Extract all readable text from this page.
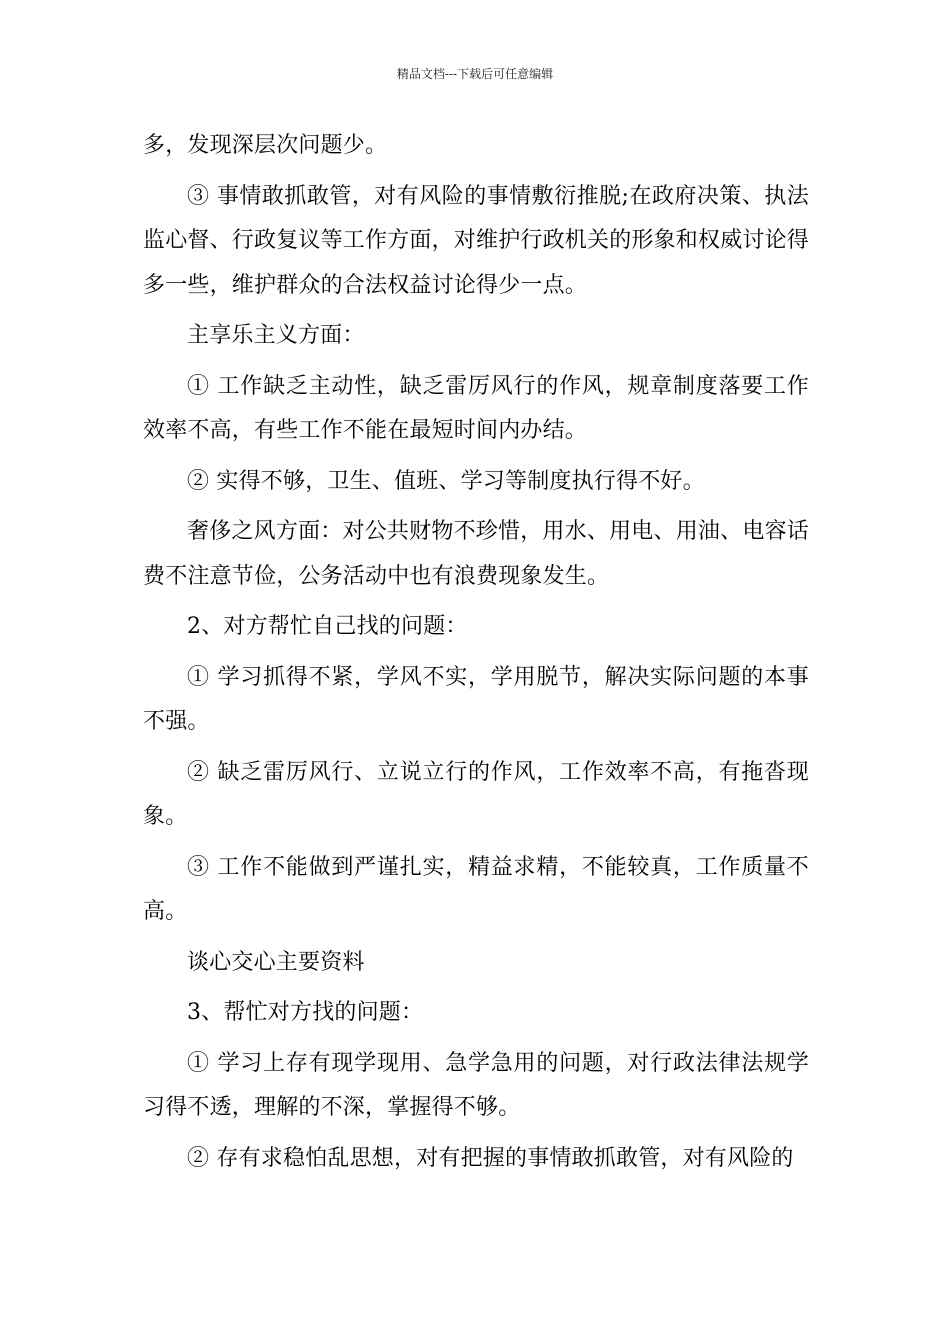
精品文档---下载后可任意编辑

多，发现深层次问题少。

③ 事情敢抓敢管，对有风险的事情敷衍推脱;在政府决策、执法监心督、行政复议等工作方面，对维护行政机关的形象和权威讨论得多一些，维护群众的合法权益讨论得少一点。

主享乐主义方面：

① 工作缺乏主动性，缺乏雷厉风行的作风，规章制度落要工作效率不高，有些工作不能在最短时间内办结。

② 实得不够，卫生、值班、学习等制度执行得不好。

奢侈之风方面：对公共财物不珍惜，用水、用电、用油、电容话费不注意节俭，公务活动中也有浪费现象发生。

2、对方帮忙自己找的问题：

① 学习抓得不紧，学风不实，学用脱节，解决实际问题的本事不强。

② 缺乏雷厉风行、立说立行的作风，工作效率不高，有拖沓现象。

③ 工作不能做到严谨扎实，精益求精，不能较真，工作质量不高。

谈心交心主要资料

3、帮忙对方找的问题：

① 学习上存有现学现用、急学急用的问题，对行政法律法规学习得不透，理解的不深，掌握得不够。

② 存有求稳怕乱思想，对有把握的事情敢抓敢管，对有风险的
